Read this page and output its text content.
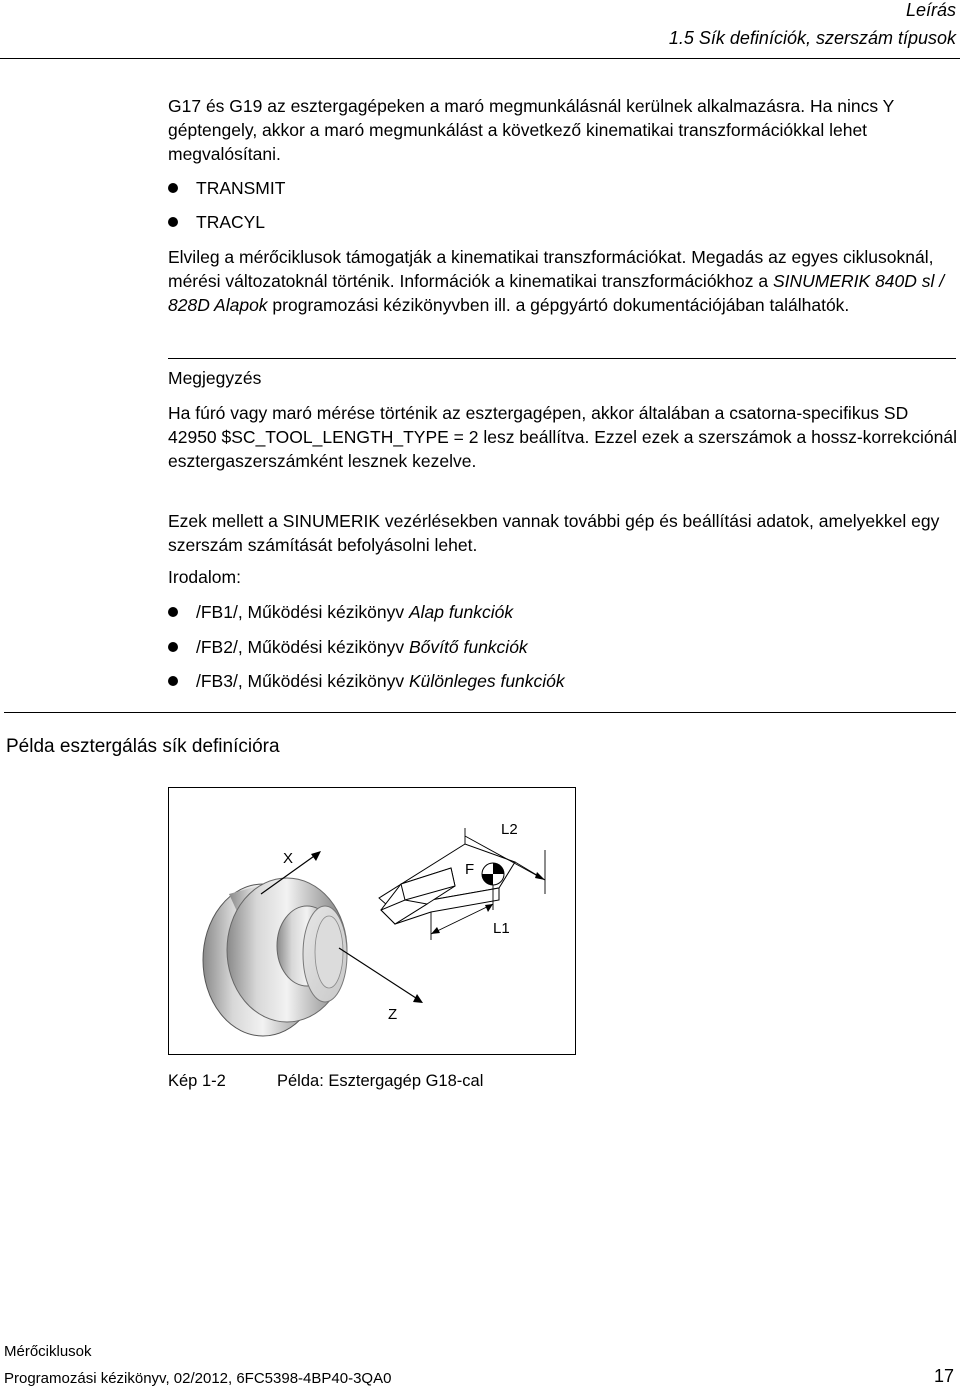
Leírás
1.5 Sík definíciók, szerszám típusok
G17 és G19 az esztergagépeken a maró megmunkálásnál kerülnek alkalmazásra. Ha nincs Y géptengely, akkor a maró megmunkálást a következő kinematikai transzformációkkal lehet megvalósítani.
TRANSMIT
TRACYL
Elvileg a mérőciklusok támogatják a kinematikai transzformációkat. Megadás az egyes ciklusoknál, mérési változatoknál történik. Információk a kinematikai transzformációkhoz a SINUMERIK 840D sl / 828D Alapok programozási kézikönyvben ill. a gépgyártó dokumentációjában találhatók.
Megjegyzés
Ha fúró vagy maró mérése történik az esztergagépen, akkor általában a csatorna-specifikus SD 42950 $SC_TOOL_LENGTH_TYPE = 2 lesz beállítva. Ezzel ezek a szerszámok a hossz-korrekciónál esztergaszerszámként lesznek kezelve.
Ezek mellett a SINUMERIK vezérlésekben vannak további gép és beállítási adatok, amelyekkel egy szerszám számítását befolyásolni lehet.
Irodalom:
/FB1/, Működési kézikönyv Alap funkciók
/FB2/, Működési kézikönyv Bővítő funkciók
/FB3/, Működési kézikönyv Különleges funkciók
Példa esztergálás sík definícióra
X
Z
F
L2
L1
Kép 1-2	Példa: Esztergagép G18-cal
Mérőciklusok
Programozási kézikönyv, 02/2012, 6FC5398-4BP40-3QA0	17
